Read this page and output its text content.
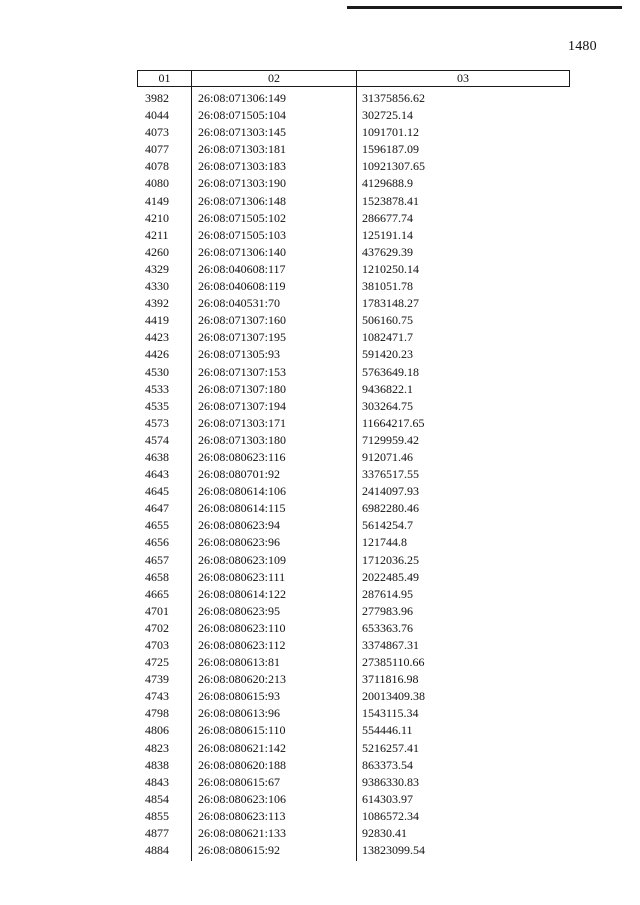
1480
01	02	03
3982 26:08:071306:149	31375856.62
4044 26:08:071505:104	302725.14
4073 26:08:071303:145	1091701.12
4077 26:08:071303:181	1596187.09
4078 26:08:071303:183	10921307.65
4080 26:08:071303:190	4129688.9
4149 26:08:071306:148	1523878.41
4210 26:08:071505:102	286677.74
4211 26:08:071505:103	125191.14
4260 26:08:071306:140	437629.39
4329 26:08:040608:117	1210250.14
4330 26:08:040608:119	381051.78
4392 26:08:040531:70	1783148.27
4419 26:08:071307:160	506160.75
4423 26:08:071307:195	1082471.7
4426 26:08:071305:93	591420.23
4530 26:08:071307:153	5763649.18
4533 26:08:071307:180	9436822.1
4535 26:08:071307:194	303264.75
4573 26:08:071303:171	11664217.65
4574 26:08:071303:180	7129959.42
4638 26:08:080623:116	912071.46
4643 26:08:080701:92	3376517.55
4645 26:08:080614:106	2414097.93
4647 26:08:080614:115	6982280.46
4655 26:08:080623:94	5614254.7
4656 26:08:080623:96	121744.8
4657 26:08:080623:109	1712036.25
4658 26:08:080623:111	2022485.49
4665 26:08:080614:122	287614.95
4701 26:08:080623:95	277983.96
4702 26:08:080623:110	653363.76
4703 26:08:080623:112	3374867.31
4725 26:08:080613:81	27385110.66
4739 26:08:080620:213	3711816.98
4743 26:08:080615:93	20013409.38
4798 26:08:080613:96	1543115.34
4806 26:08:080615:110	554446.11
4823 26:08:080621:142	5216257.41
4838 26:08:080620:188	863373.54
4843 26:08:080615:67	9386330.83
4854 26:08:080623:106	614303.97
4855 26:08:080623:113	1086572.34
4877 26:08:080621:133	92830.41
4884 26:08:080615:92	13823099.54
